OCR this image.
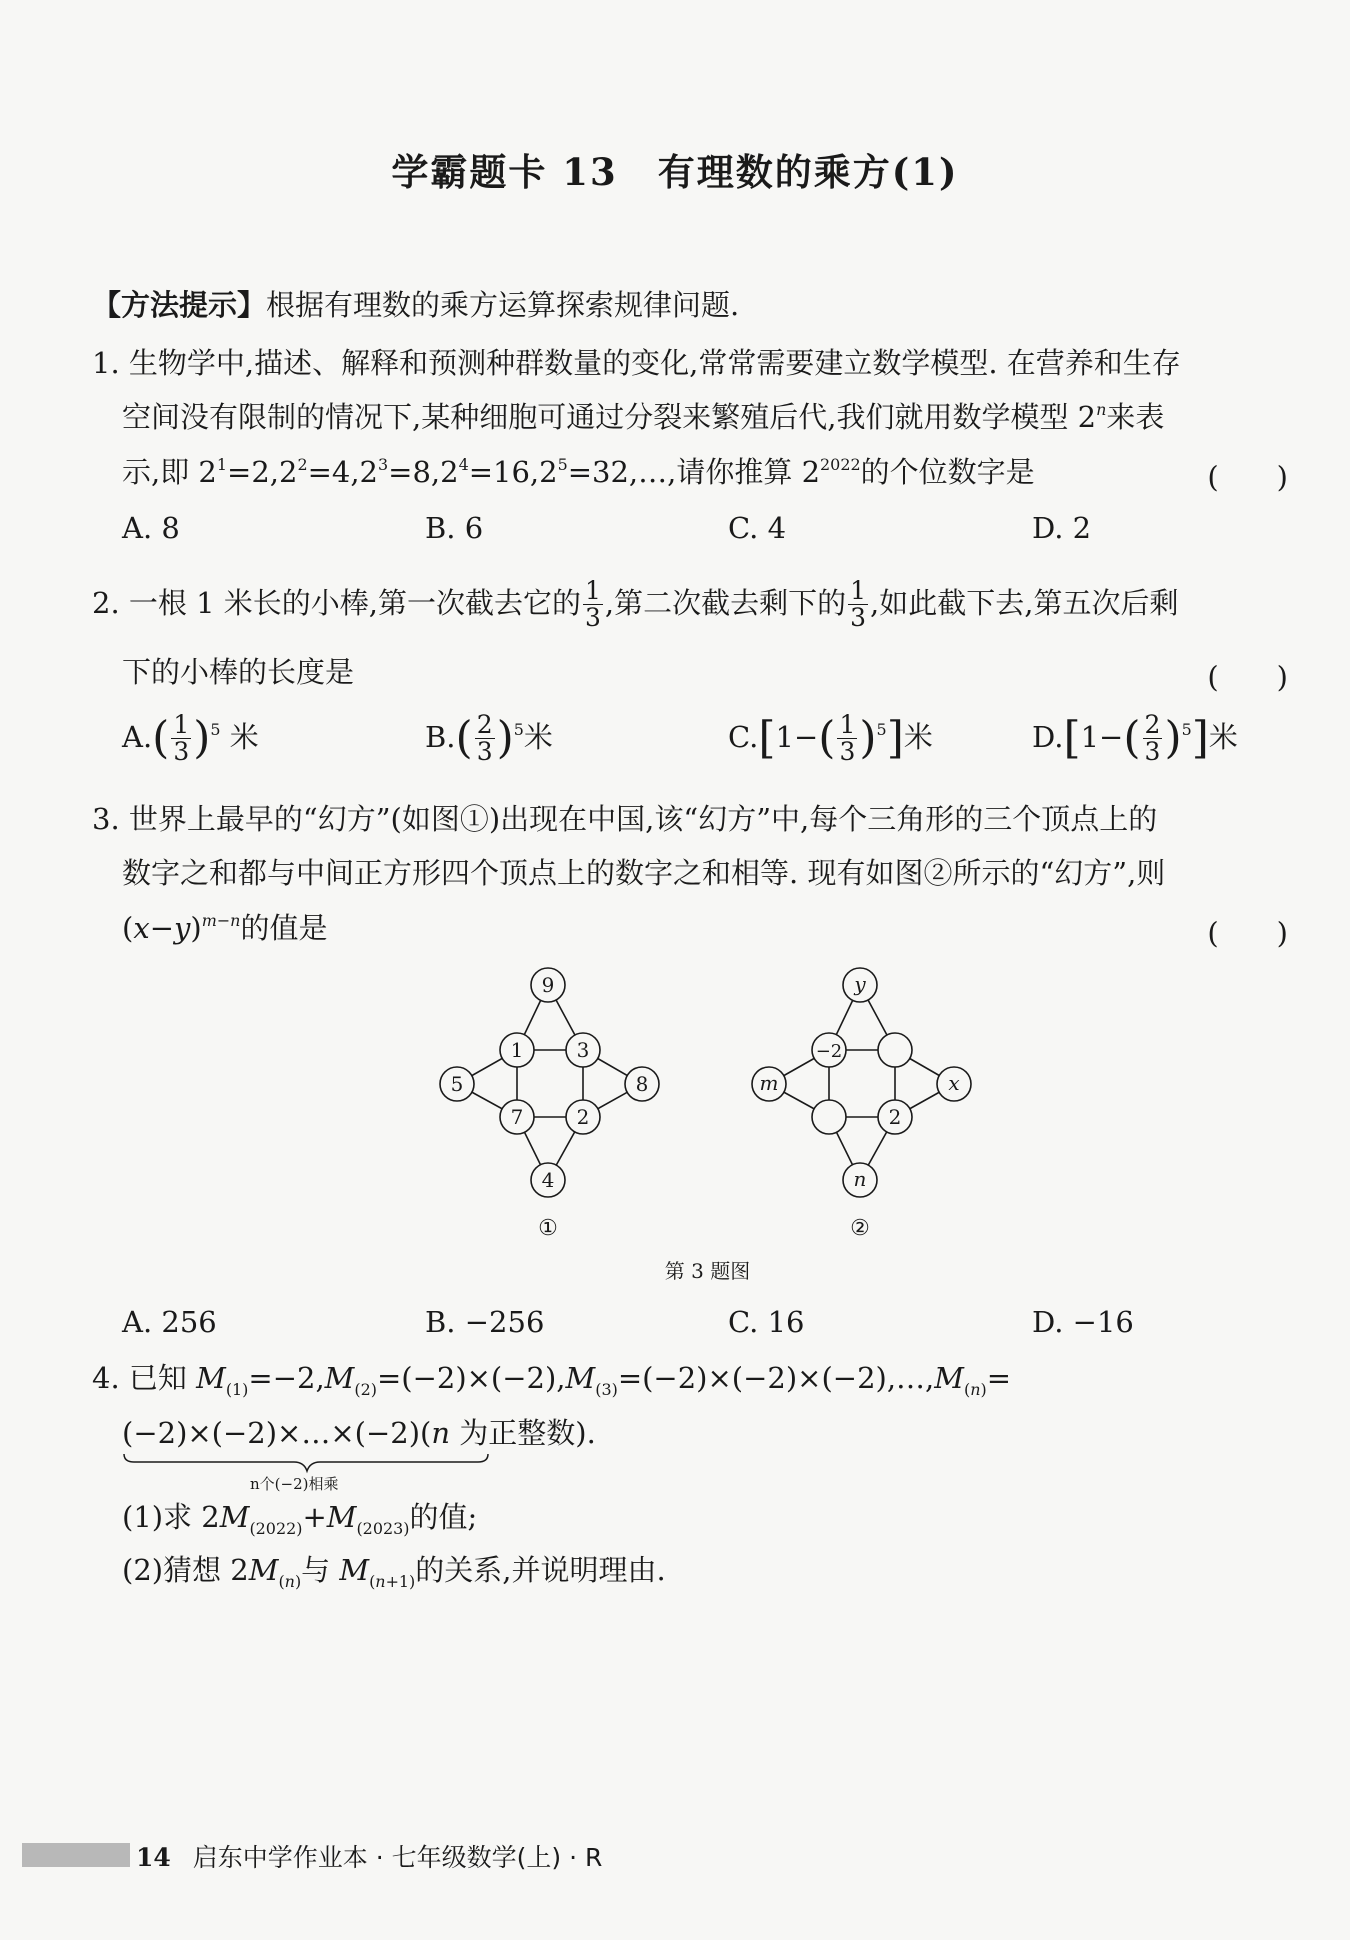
学霸题卡 13 有理数的乘方(1)
【方法提示】根据有理数的乘方运算探索规律问题.
1. 生物学中,描述、解释和预测种群数量的变化,常常需要建立数学模型. 在营养和生存
空间没有限制的情况下,某种细胞可通过分裂来繁殖后代,我们就用数学模型 2$^n$来表
示,即 $2^1=2,2^2=4,2^3=8,2^4=16,2^5=32,\dots$,请你推算 $2^{2022}$的个位数字是	(　　)
A. 8	B. 6	C. 4	D. 2
2. 一根 1 米长的小棒,第一次截去它的 $\frac{1}{3}$ ,第二次截去剩下的 $\frac{1}{3}$ ,如此截下去,第五次后剩
下的小棒的长度是	(　　)
$A.( \frac{1}{3} )^5$ 米	$B.( \frac{2}{3} )^5$米	$C.[1-( \frac{1}{3} )^5]$米	$D.[1-( \frac{2}{3} )^5]$米
3. 世界上最早的“幻方”(如图①)出现在中国,该“幻方”中,每个三角形的三个顶点上的
数字之和都与中间正方形四个顶点上的数字之和相等. 现有如图②所示的“幻方”,则
$(x-y)^{m-n}$的值是	(　　)
9
1	3
5	8
7	2
4
①
y
−2
m	x
2
n
②
第 3 题图
A. 256	B. −256	C. 16	D. −16
4. 已知 $M_{(1)}=-2,M_{(2)}=(-2)\times(-2),M_{(3)}=(-2)\times(-2)\times(-2),\dots,M_{(n)}=$
(−2)×(−2)×…×(−2)(n 为正整数).
n个(−2)相乘
(1)求 $2M_{(2022)}+M_{(2023)}$的值;
(2)猜想 $2M_{(n)}$与 $M_{(n+1)}$的关系,并说明理由.
14 启东中学作业本 · 七年级数学(上) · R
